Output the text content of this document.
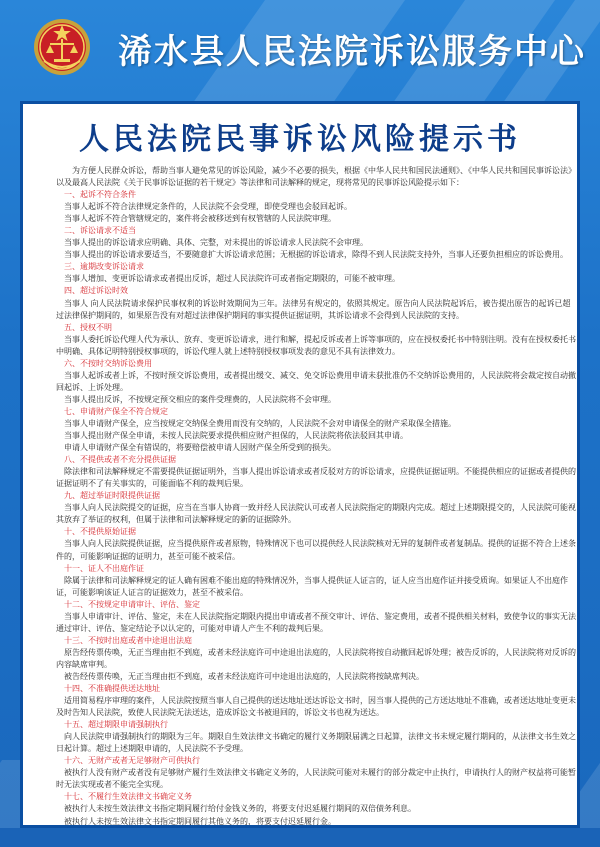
浠水县人民法院诉讼服务中心
人民法院民事诉讼风险提示书

为方便人民群众诉讼，帮助当事人避免常见的诉讼风险，减少不必要的损失，根据《中华人民共和国民法通则》、《中华人民共和国民事诉讼法》以及最高人民法院《关于民事诉讼证据的若干规定》等法律和司法解释的规定，现将常见的民事诉讼风险提示如下：

一、起诉不符合条件

当事人起诉不符合法律规定条件的，人民法院不会受理，即使受理也会驳回起诉。

当事人起诉不符合管辖规定的，案件将会被移送到有权管辖的人民法院审理。

二、诉讼请求不适当

当事人提出的诉讼请求应明确、具体、完整，对未提出的诉讼请求人民法院不会审理。

当事人提出的诉讼请求要适当，不要随意扩大诉讼请求范围；无根据的诉讼请求，除得不到人民法院支持外，当事人还要负担相应的诉讼费用。

三、逾期改变诉讼请求

当事人增加、变更诉讼请求或者提出反诉，超过人民法院许可或者指定期限的，可能不被审理。

四、超过诉讼时效

当事人 向人民法院请求保护民事权利的诉讼时效期间为三年。法律另有规定的，依照其规定。原告向人民法院起诉后，被告提出原告的起诉已超过法律保护期间的，如果原告没有对超过法律保护期间的事实提供证据证明，其诉讼请求不会得到人民法院的支持。

五、授权不明

当事人委托诉讼代理人代为承认、放弃、变更诉讼请求，进行和解，提起反诉或者上诉等事项的，应在授权委托书中特别注明。没有在授权委托书中明确、具体记明特别授权事项的，诉讼代理人就上述特别授权事项发表的意见不具有法律效力。

六、不按时交纳诉讼费用

当事人起诉或者上诉，不按时预交诉讼费用，或者提出缓交、减交、免交诉讼费用申请未获批准仍不交纳诉讼费用的，人民法院将会裁定按自动撤回起诉、上诉处理。

当事人提出反诉，不按规定预交相应的案件受理费的，人民法院将不会审理。

七、申请财产保全不符合规定

当事人申请财产保全，应当按规定交纳保全费用而没有交纳的，人民法院不会对申请保全的财产采取保全措施。

当事人提出财产保全申请，未按人民法院要求提供相应财产担保的，人民法院将依法驳回其申请。

申请人申请财产保全有错误的，将要赔偿被申请人因财产保全所受到的损失。

八、不提供或者不充分提供证据

除法律和司法解释规定不需要提供证据证明外，当事人提出诉讼请求或者反驳对方的诉讼请求，应提供证据证明。不能提供相应的证据或者提供的证据证明不了有关事实的，可能面临不利的裁判后果。

九、超过举证时限提供证据

当事人向人民法院提交的证据，应当在当事人协商一致并经人民法院认可或者人民法院指定的期限内完成。超过上述期限提交的，人民法院可能视其放弃了举证的权利，但属于法律和司法解释规定的新的证据除外。

十、不提供原始证据

当事人向人民法院提供证据，应当提供原件或者原物，特殊情况下也可以提供经人民法院核对无异的复制件或者复制品。提供的证据不符合上述条件的，可能影响证据的证明力，甚至可能不被采信。

十一、证人不出庭作证

除属于法律和司法解释规定的证人确有困难不能出庭的特殊情况外，当事人提供证人证言的，证人应当出庭作证并接受质询。如果证人不出庭作证，可能影响该证人证言的证据效力，甚至不被采信。

十二、不按规定申请审计、评估、鉴定

当事人申请审计、评估、鉴定，未在人民法院指定期限内提出申请或者不预交审计、评估、鉴定费用，或者不提供相关材料，致使争议的事实无法通过审计、评估、鉴定结论予以认定的，可能对申请人产生不利的裁判后果。

十三、不按时出庭或者中途退出法庭

原告经传票传唤，无正当理由拒不到庭，或者未经法庭许可中途退出法庭的，人民法院将按自动撤回起诉处理；被告反诉的，人民法院将对反诉的内容缺席审判。

被告经传票传唤，无正当理由拒不到庭，或者未经法庭许可中途退出法庭的，人民法院将按缺席判决。

十四、不准确提供送达地址

适用简易程序审理的案件，人民法院按照当事人自己提供的送达地址送达诉讼文书时，因当事人提供的己方送达地址不准确，或者送达地址变更未及时告知人民法院，致使人民法院无法送达，造成诉讼文书被退回的，诉讼文书也视为送达。

十五、超过期限申请强制执行

向人民法院申请强制执行的期限为三年。期限自生效法律文书确定的履行义务期限届满之日起算，法律文书未规定履行期间的，从法律文书生效之日起计算。超过上述期限申请的，人民法院不予受理。

十六、无财产或者无足够财产可供执行

被执行人没有财产或者没有足够财产履行生效法律文书确定义务的，人民法院可能对未履行的部分裁定中止执行，申请执行人的财产权益将可能暂时无法实现或者不能完全实现。

十七、不履行生效法律文书确定义务

被执行人未按生效法律文书指定期间履行给付金钱义务的，将要支付迟延履行期间的双倍债务利息。

被执行人未按生效法律文书指定期间履行其他义务的，将要支付迟延履行金。
